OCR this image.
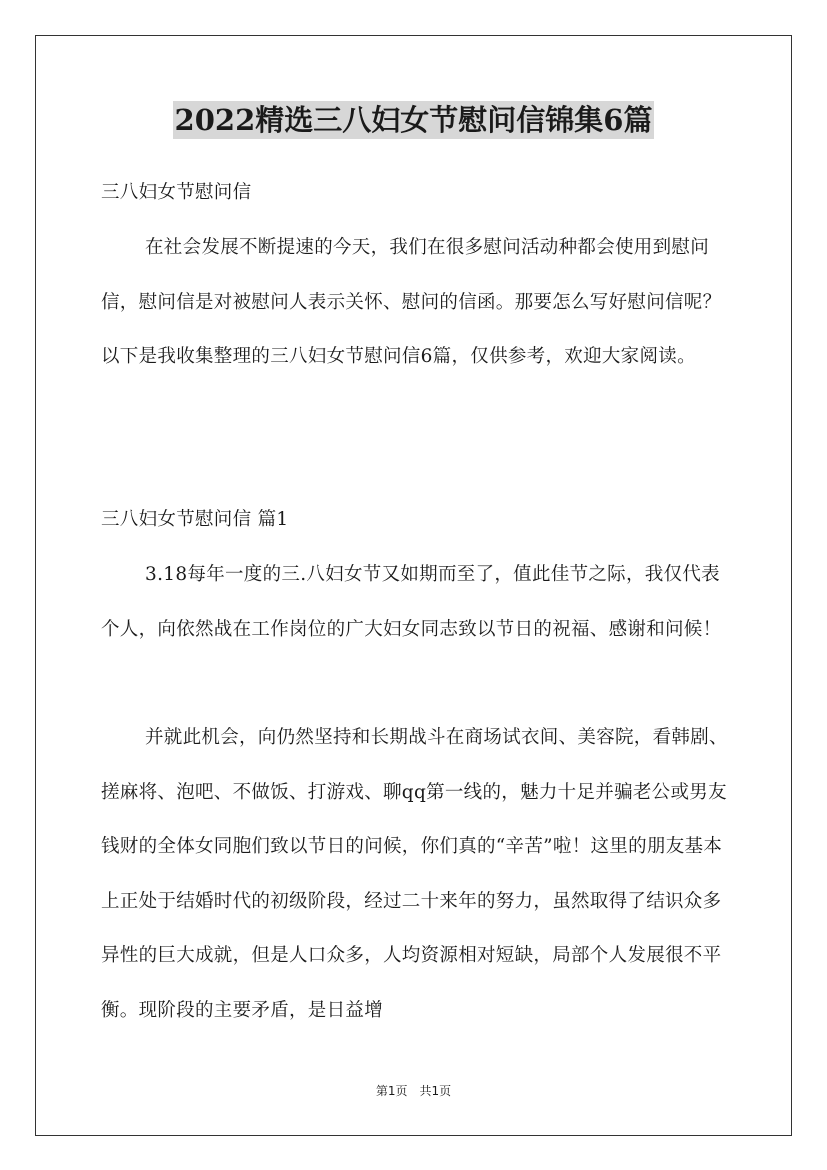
2022精选三八妇女节慰问信锦集6篇

三八妇女节慰问信

在社会发展不断提速的今天，我们在很多慰问活动种都会使用到慰问信，慰问信是对被慰问人表示关怀、慰问的信函。那要怎么写好慰问信呢？以下是我收集整理的三八妇女节慰问信6篇，仅供参考，欢迎大家阅读。

三八妇女节慰问信 篇1

3.18每年一度的三.八妇女节又如期而至了，值此佳节之际，我仅代表个人，向依然战在工作岗位的广大妇女同志致以节日的祝福、感谢和问候！

并就此机会，向仍然坚持和长期战斗在商场试衣间、美容院，看韩剧、搓麻将、泡吧、不做饭、打游戏、聊qq第一线的，魅力十足并骗老公或男友钱财的全体女同胞们致以节日的问候，你们真的“辛苦”啦！这里的朋友基本上正处于结婚时代的初级阶段，经过二十来年的努力，虽然取得了结识众多异性的巨大成就，但是人口众多，人均资源相对短缺，局部个人发展很不平衡。现阶段的主要矛盾，是日益增

第1页　共1页
